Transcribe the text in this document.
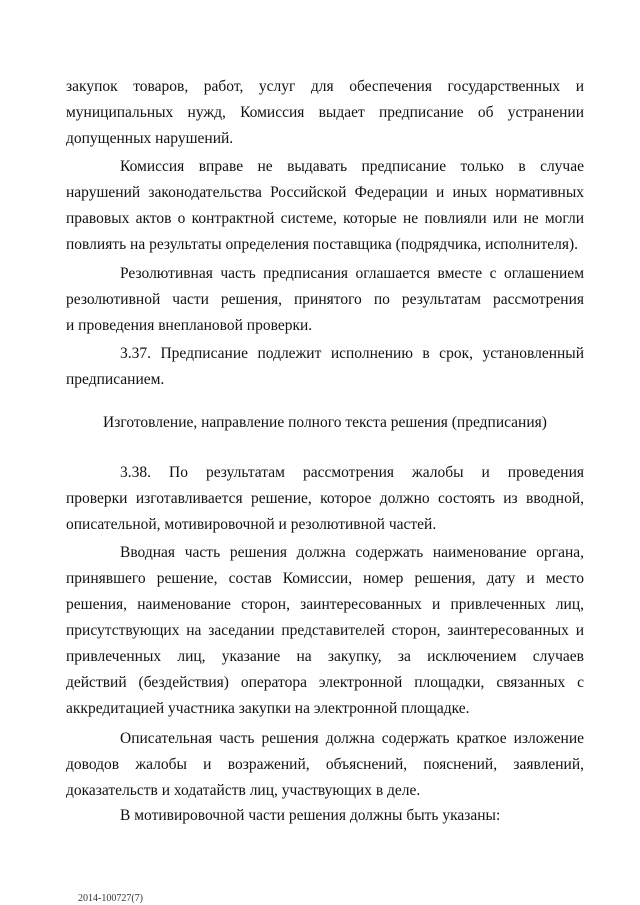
закупок товаров, работ, услуг для обеспечения государственных и
муниципальных нужд, Комиссия выдает предписание об устранении
допущенных нарушений.
Комиссия вправе не выдавать предписание только в случае
нарушений законодательства Российской Федерации и иных нормативных
правовых актов о контрактной системе, которые не повлияли или не могли
повлиять на результаты определения поставщика (подрядчика, исполнителя).
Резолютивная часть предписания оглашается вместе с оглашением
резолютивной части решения, принятого по результатам рассмотрения
и проведения внеплановой проверки.
3.37. Предписание подлежит исполнению в срок, установленный
предписанием.
Изготовление, направление полного текста решения (предписания)
3.38. По результатам рассмотрения жалобы и проведения
проверки изготавливается решение, которое должно состоять из вводной,
описательной, мотивировочной и резолютивной частей.
Вводная часть решения должна содержать наименование органа,
принявшего решение, состав Комиссии, номер решения, дату и место
решения, наименование сторон, заинтересованных и привлеченных лиц,
присутствующих на заседании представителей сторон, заинтересованных и
привлеченных лиц, указание на закупку, за исключением случаев
действий (бездействия) оператора электронной площадки, связанных с
аккредитацией участника закупки на электронной площадке.
Описательная часть решения должна содержать краткое изложение
доводов жалобы и возражений, объяснений, пояснений, заявлений,
доказательств и ходатайств лиц, участвующих в деле.
В мотивировочной части решения должны быть указаны:
2014-100727(7)
